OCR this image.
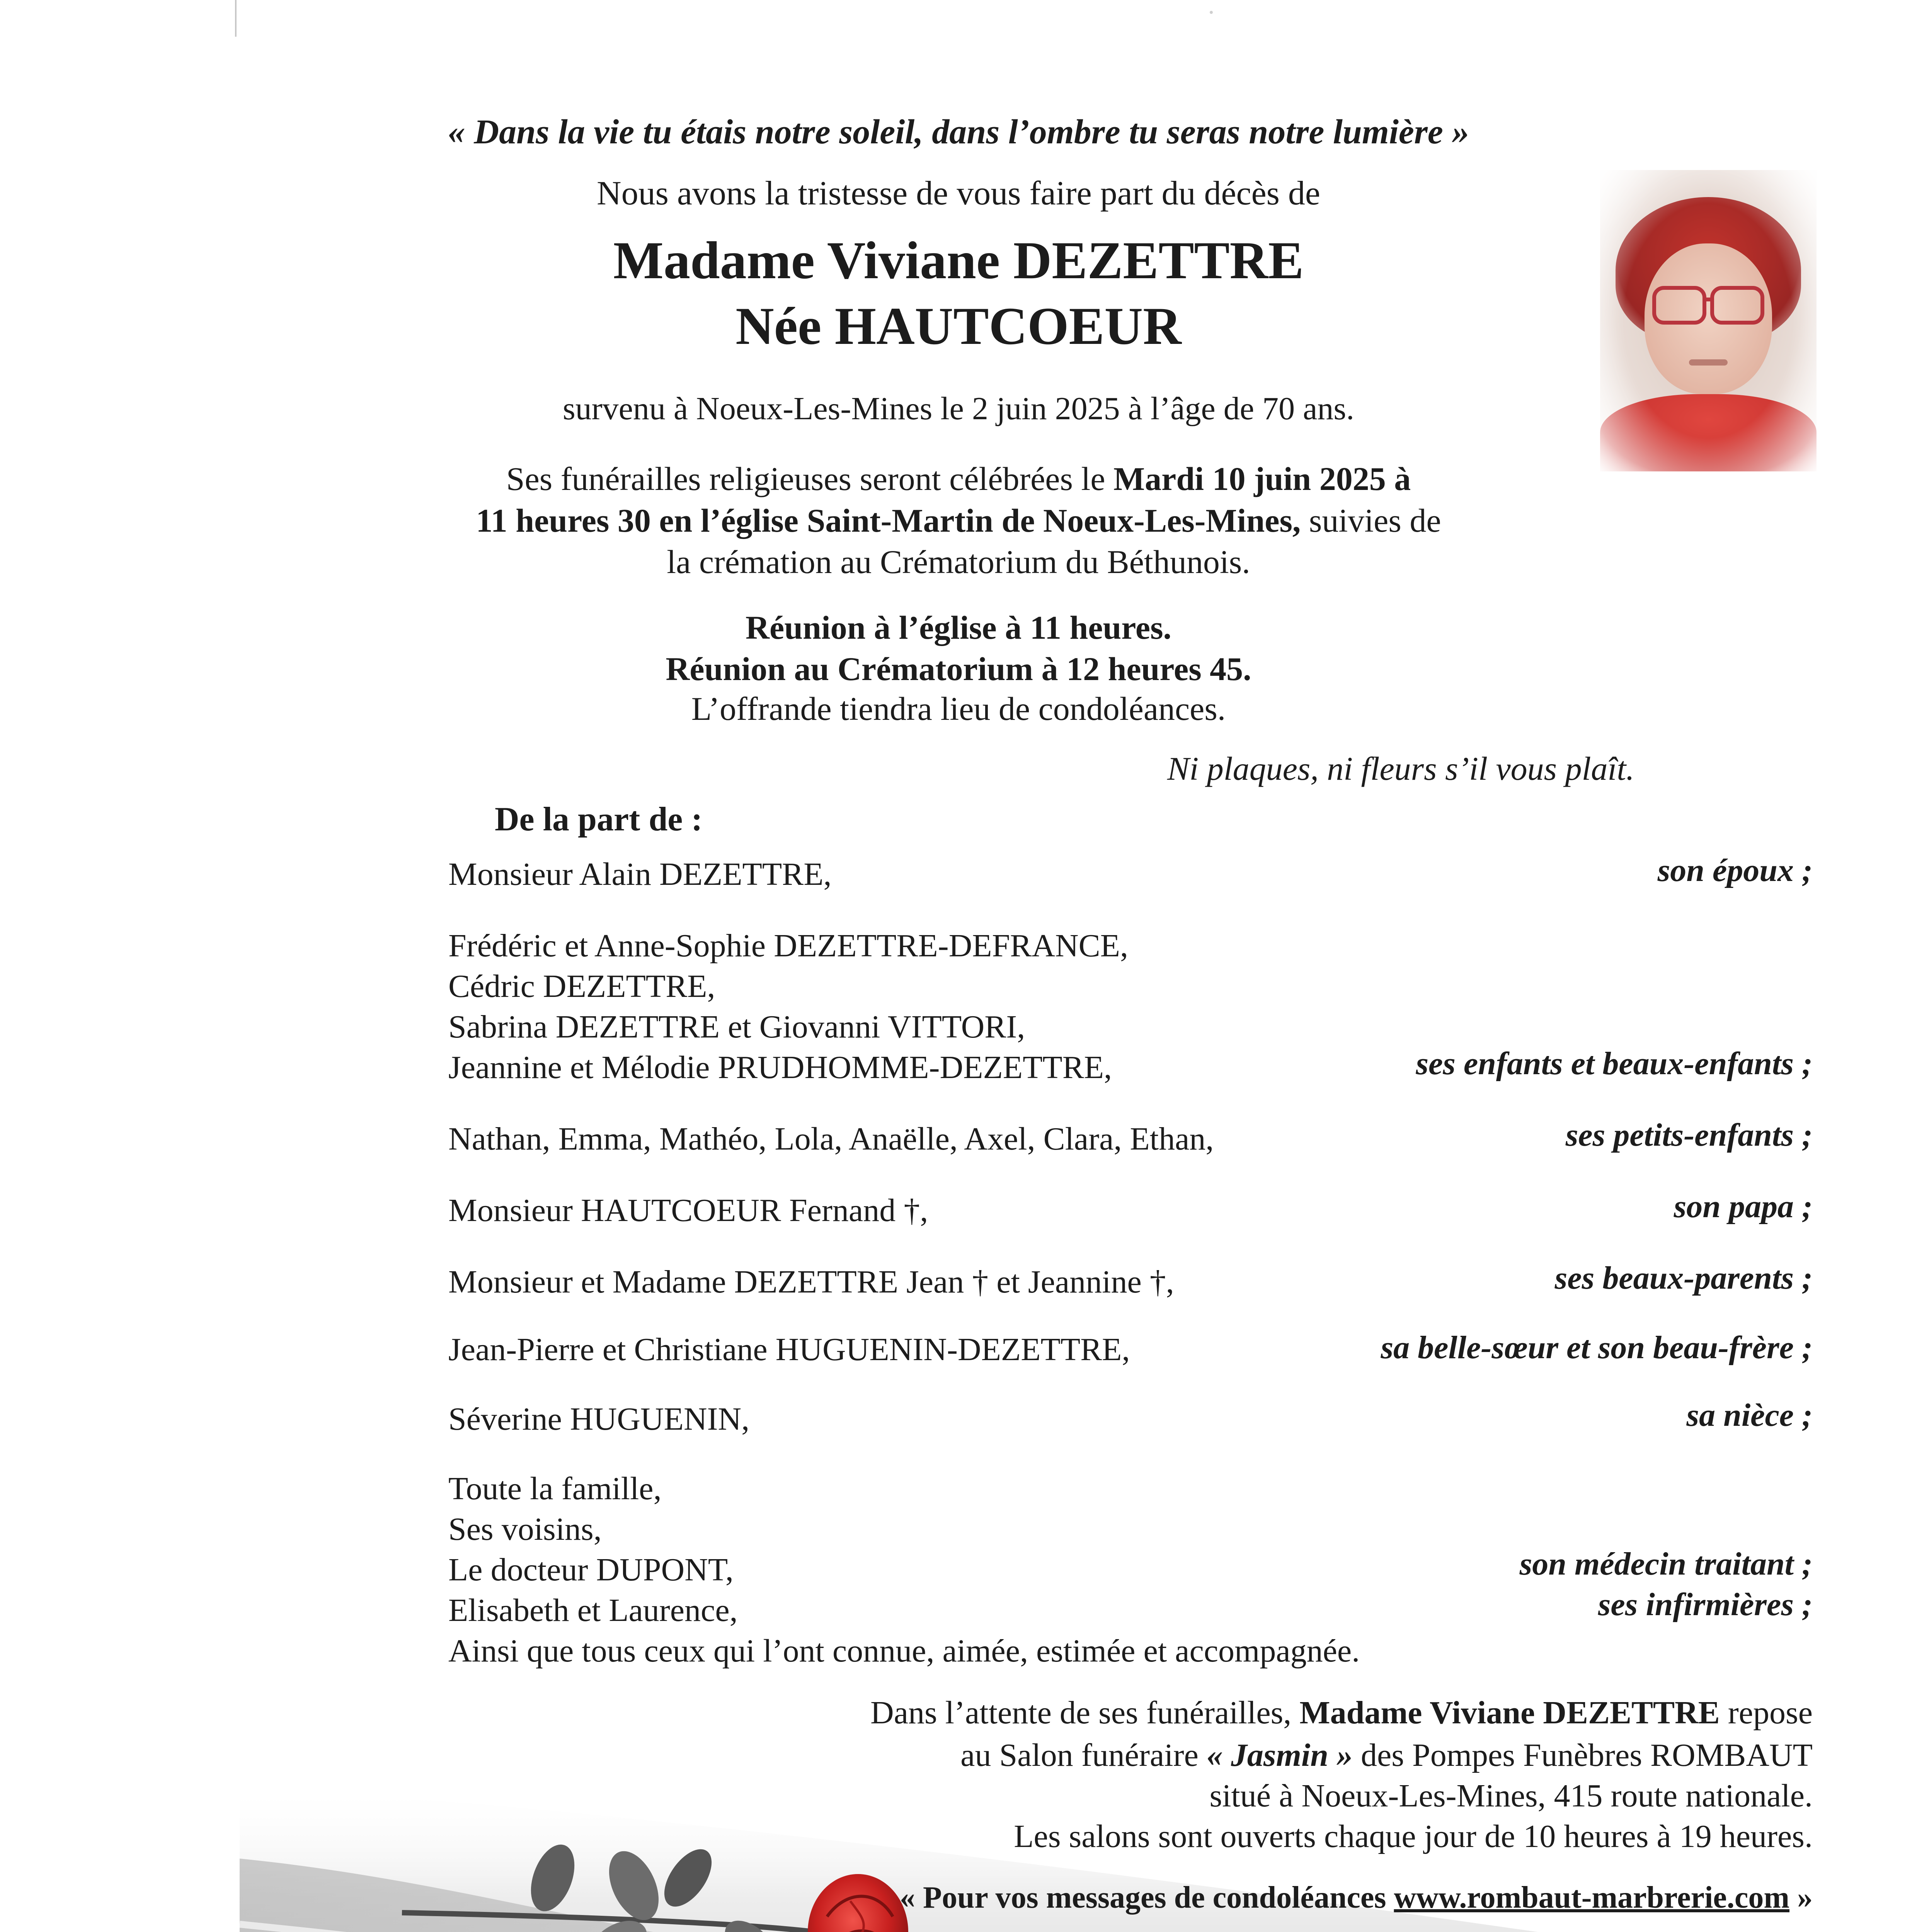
« Dans la vie tu étais notre soleil, dans l’ombre tu seras notre lumière »
Nous avons la tristesse de vous faire part du décès de
Madame Viviane DEZETTRE
Née HAUTCOEUR
survenu à Noeux-Les-Mines le 2 juin 2025 à l’âge de 70 ans.
Ses funérailles religieuses seront célébrées le Mardi 10 juin 2025 à
11 heures 30 en l’église Saint-Martin de Noeux-Les-Mines, suivies de
la crémation au Crématorium du Béthunois.
Réunion à l’église à 11 heures.
Réunion au Crématorium à 12 heures 45.
L’offrande tiendra lieu de condoléances.
Ni plaques, ni fleurs s’il vous plaît.
De la part de :
Monsieur Alain DEZETTRE,	son époux ;
Frédéric et Anne-Sophie DEZETTRE-DEFRANCE,
Cédric DEZETTRE,
Sabrina DEZETTRE et Giovanni VITTORI,
Jeannine et Mélodie PRUDHOMME-DEZETTRE,	ses enfants et beaux-enfants ;
Nathan, Emma, Mathéo, Lola, Anaëlle, Axel, Clara, Ethan,	ses petits-enfants ;
Monsieur HAUTCOEUR Fernand †,	son papa ;
Monsieur et Madame DEZETTRE Jean † et Jeannine †,	ses beaux-parents ;
Jean-Pierre et Christiane HUGUENIN-DEZETTRE,	sa belle-sœur et son beau-frère ;
Séverine HUGUENIN,	sa nièce ;
Toute la famille,
Ses voisins,
Le docteur DUPONT,	son médecin traitant ;
Elisabeth et Laurence,	ses infirmières ;
Ainsi que tous ceux qui l’ont connue, aimée, estimée et accompagnée.
Dans l’attente de ses funérailles, Madame Viviane DEZETTRE repose
au Salon funéraire « Jasmin » des Pompes Funèbres ROMBAUT
situé à Noeux-Les-Mines, 415 route nationale.
Les salons sont ouverts chaque jour de 10 heures à 19 heures.
« Pour vos messages de condoléances www.rombaut-marbrerie.com »
